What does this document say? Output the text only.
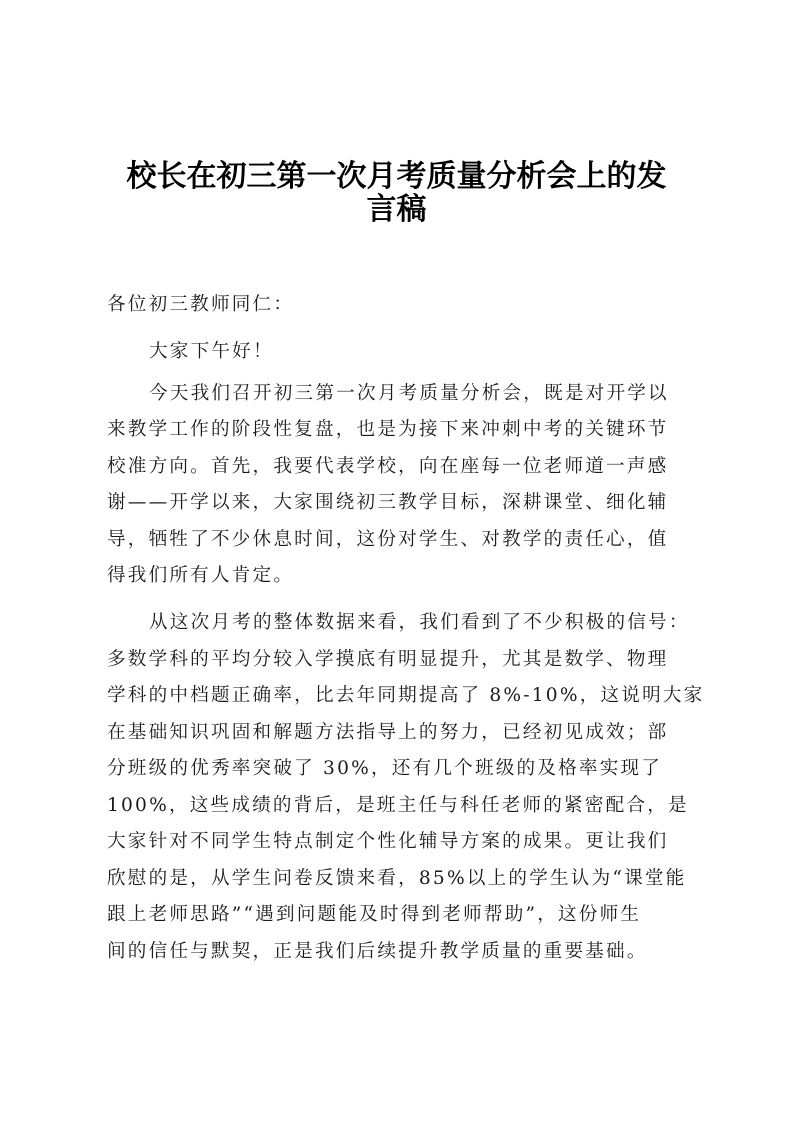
校长在初三第一次月考质量分析会上的发
言稿
各位初三教师同仁：
大家下午好！
今天我们召开初三第一次月考质量分析会，既是对开学以
来教学工作的阶段性复盘，也是为接下来冲刺中考的关键环节
校准方向。首先，我要代表学校，向在座每一位老师道一声感
谢——开学以来，大家围绕初三教学目标，深耕课堂、细化辅
导，牺牲了不少休息时间，这份对学生、对教学的责任心，值
得我们所有人肯定。
从这次月考的整体数据来看，我们看到了不少积极的信号：
多数学科的平均分较入学摸底有明显提升，尤其是数学、物理
学科的中档题正确率，比去年同期提高了 8%-10%，这说明大家
在基础知识巩固和解题方法指导上的努力，已经初见成效；部
分班级的优秀率突破了 30%，还有几个班级的及格率实现了
100%，这些成绩的背后，是班主任与科任老师的紧密配合，是
大家针对不同学生特点制定个性化辅导方案的成果。更让我们
欣慰的是，从学生问卷反馈来看，85%以上的学生认为“课堂能
跟上老师思路”“遇到问题能及时得到老师帮助”，这份师生
间的信任与默契，正是我们后续提升教学质量的重要基础。
